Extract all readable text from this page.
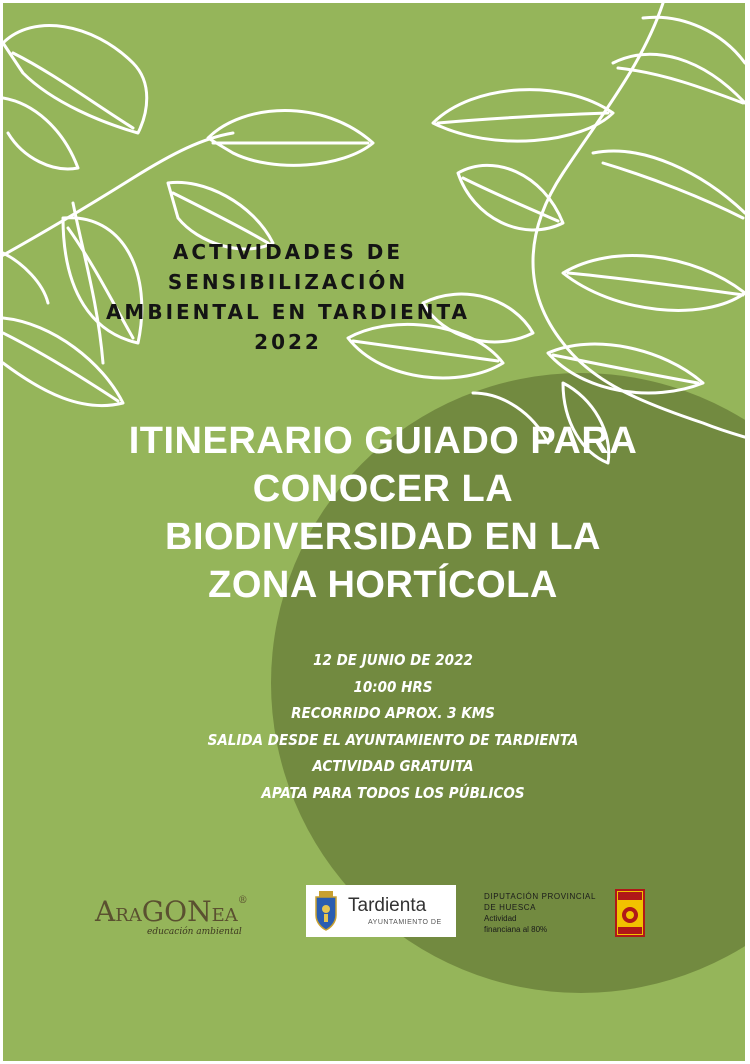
ACTIVIDADES DE
SENSIBILIZACIÓN
AMBIENTAL EN TARDIENTA
2022
ITINERARIO GUIADO PARA
CONOCER LA
BIODIVERSIDAD EN LA
ZONA HORTÍCOLA
12 DE JUNIO DE 2022
10:00 HRS
RECORRIDO APROX. 3 KMS
SALIDA DESDE EL AYUNTAMIENTO DE TARDIENTA
ACTIVIDAD GRATUITA
APATA PARA TODOS LOS PÚBLICOS
ARAGONEA®
educación ambiental
Tardienta
AYUNTAMIENTO DE
DIPUTACIÓN PROVINCIAL
DE HUESCA
Actividad
financiana al 80%
